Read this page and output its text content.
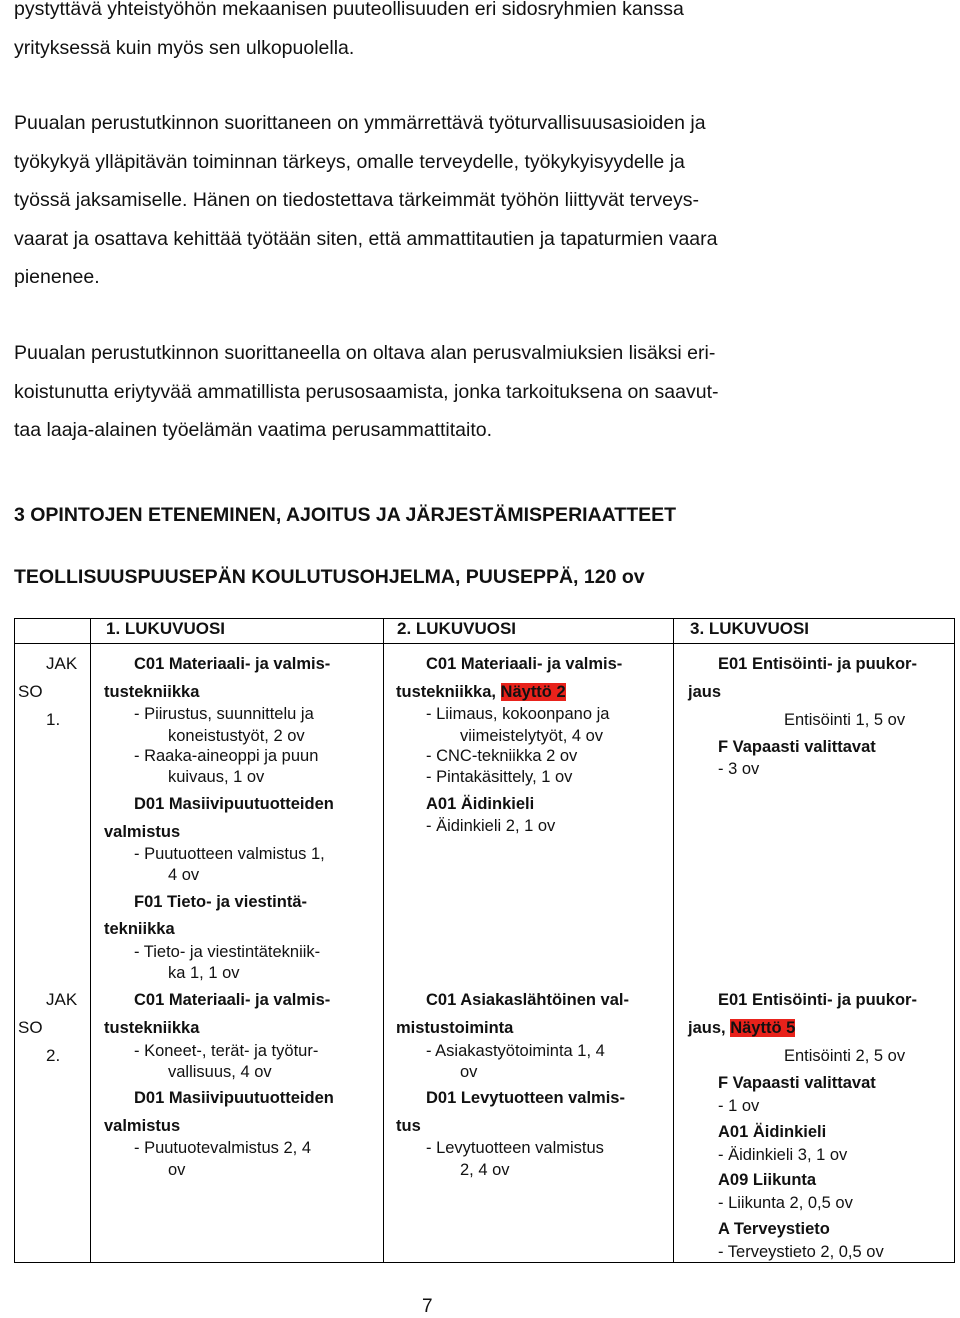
pystyttävä yhteistyöhön mekaanisen puuteollisuuden eri sidosryhmien kanssa
yrityksessä kuin myös sen ulkopuolella.
Puualan perustutkinnon suorittaneen on ymmärrettävä työturvallisuusasioiden ja
työkykyä ylläpitävän toiminnan tärkeys, omalle terveydelle, työkykyisyydelle ja
työssä jaksamiselle. Hänen on tiedostettava tärkeimmät työhön liittyvät terveys-
vaarat ja osattava kehittää työtään siten, että ammattitautien ja tapaturmien vaara
pienenee.
Puualan perustutkinnon suorittaneella on oltava alan perusvalmiuksien lisäksi eri-
koistunutta eriytyvää ammatillista perusosaamista, jonka tarkoituksena on saavut-
taa laaja-alainen työelämän vaatima perusammattitaito.
3 OPINTOJEN ETENEMINEN, AJOITUS JA JÄRJESTÄMISPERIAATTEET
TEOLLISUUSPUUSEPÄN KOULUTUSOHJELMA, PUUSEPPÄ, 120 ov
1. LUKUVUOSI	2. LUKUVUOSI	3. LUKUVUOSI
JAK
SO
1.
JAK
SO
2.
C01 Materiaali- ja valmis-
tustekniikka
- Piirustus, suunnittelu ja
koneistustyöt, 2 ov
- Raaka-aineoppi ja puun
kuivaus, 1 ov
D01 Masiivipuutuotteiden
valmistus
- Puutuotteen valmistus 1,
4 ov
F01 Tieto- ja viestintä-
tekniikka
- Tieto- ja viestintätekniik-
ka 1, 1 ov
C01 Materiaali- ja valmis-
tustekniikka, Näyttö 2
- Liimaus, kokoonpano ja
viimeistelytyöt, 4 ov
- CNC-tekniikka 2 ov
- Pintakäsittely, 1 ov
A01 Äidinkieli
- Äidinkieli 2, 1 ov
E01 Entisöinti- ja puukor-
jaus
Entisöinti 1, 5 ov
F Vapaasti valittavat
- 3 ov
C01 Materiaali- ja valmis-
tustekniikka
- Koneet-, terät- ja työtur-
vallisuus, 4 ov
D01 Masiivipuutuotteiden
valmistus
- Puutuotevalmistus 2, 4
ov
C01 Asiakaslähtöinen val-
mistustoiminta
- Asiakastyötoiminta 1, 4
ov
D01 Levytuotteen valmis-
tus
- Levytuotteen valmistus
2, 4 ov
E01 Entisöinti- ja puukor-
jaus, Näyttö 5
Entisöinti 2, 5 ov
F Vapaasti valittavat
- 1 ov
A01 Äidinkieli
- Äidinkieli 3, 1 ov
A09 Liikunta
- Liikunta 2, 0,5 ov
A Terveystieto
- Terveystieto 2, 0,5 ov
7
